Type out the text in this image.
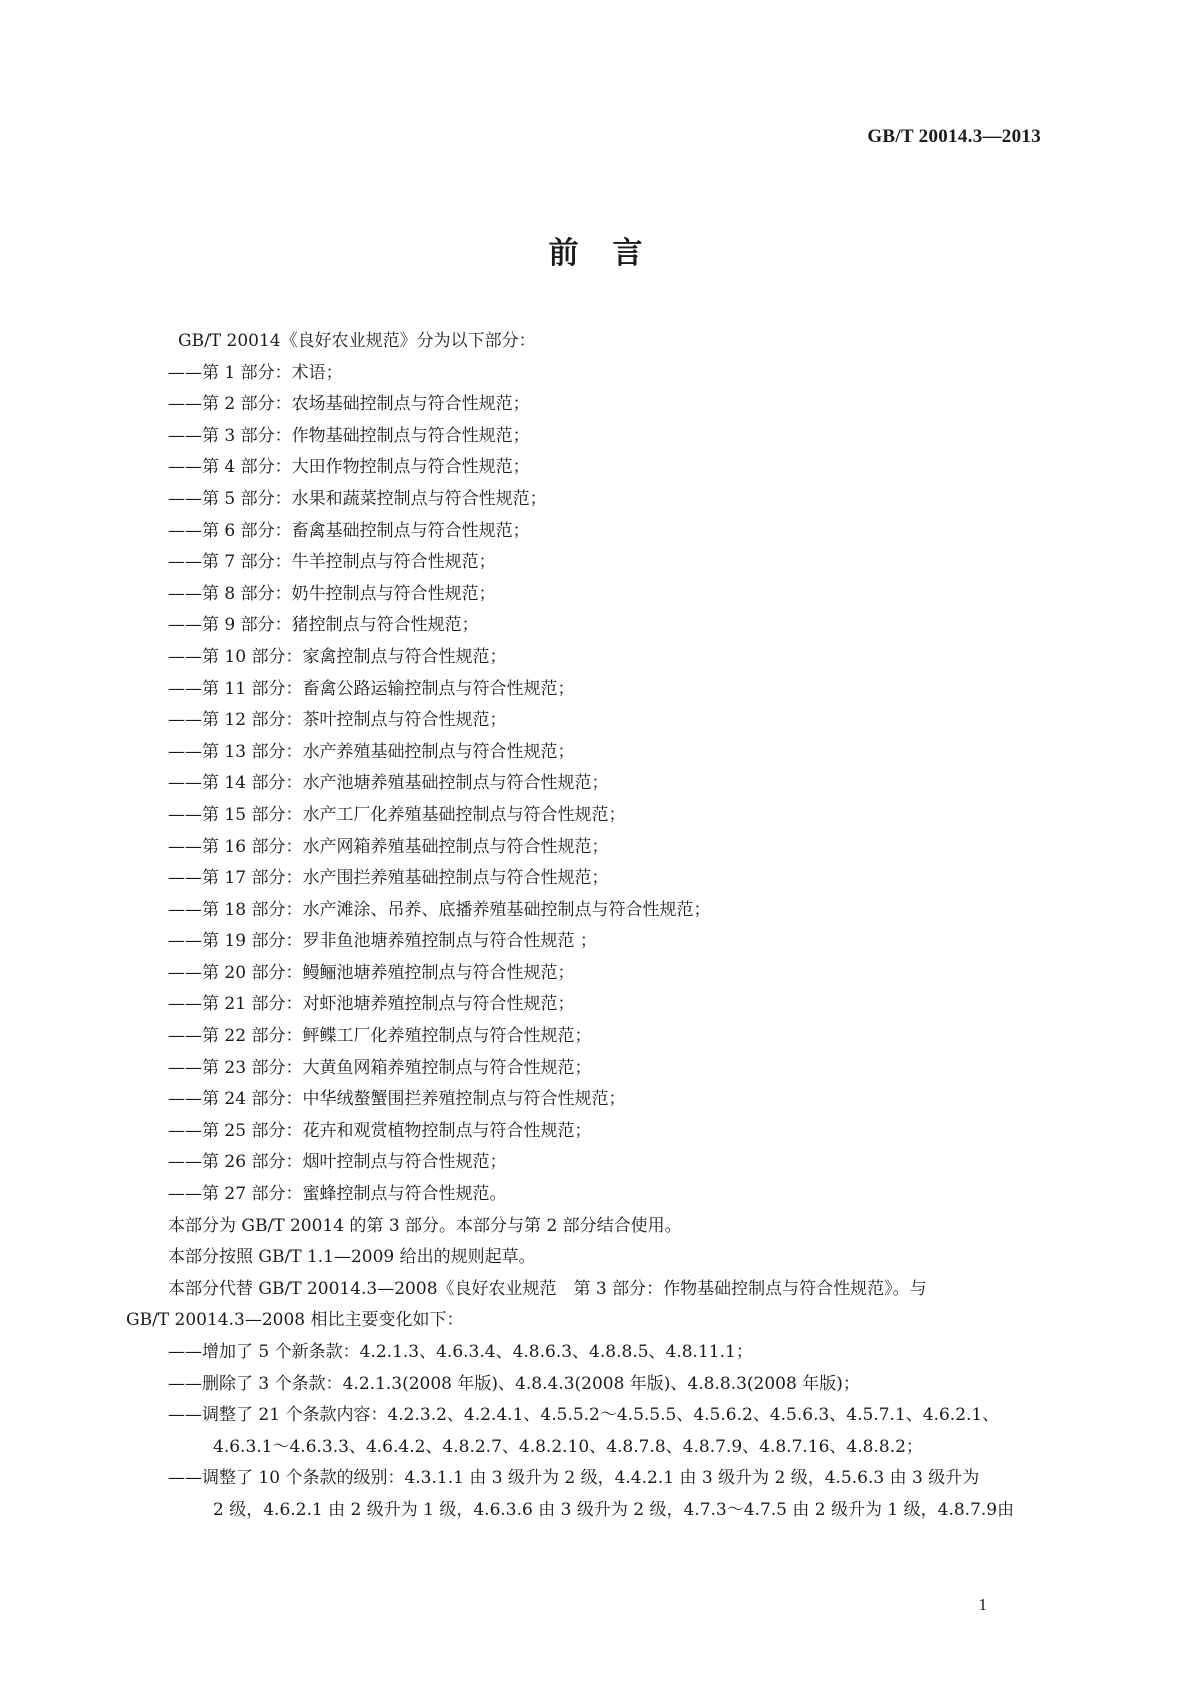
GB/T 20014.3—2013
前言
GB/T 20014《良好农业规范》分为以下部分：
——第 1 部分：术语；
——第 2 部分：农场基础控制点与符合性规范；
——第 3 部分：作物基础控制点与符合性规范；
——第 4 部分：大田作物控制点与符合性规范；
——第 5 部分：水果和蔬菜控制点与符合性规范；
——第 6 部分：畜禽基础控制点与符合性规范；
——第 7 部分：牛羊控制点与符合性规范；
——第 8 部分：奶牛控制点与符合性规范；
——第 9 部分：猪控制点与符合性规范；
——第 10 部分：家禽控制点与符合性规范；
——第 11 部分：畜禽公路运输控制点与符合性规范；
——第 12 部分：茶叶控制点与符合性规范；
——第 13 部分：水产养殖基础控制点与符合性规范；
——第 14 部分：水产池塘养殖基础控制点与符合性规范；
——第 15 部分：水产工厂化养殖基础控制点与符合性规范；
——第 16 部分：水产网箱养殖基础控制点与符合性规范；
——第 17 部分：水产围拦养殖基础控制点与符合性规范；
——第 18 部分：水产滩涂、吊养、底播养殖基础控制点与符合性规范；
——第 19 部分：罗非鱼池塘养殖控制点与符合性规范 ；
——第 20 部分：鳗鲡池塘养殖控制点与符合性规范；
——第 21 部分：对虾池塘养殖控制点与符合性规范；
——第 22 部分：鲆鲽工厂化养殖控制点与符合性规范；
——第 23 部分：大黄鱼网箱养殖控制点与符合性规范；
——第 24 部分：中华绒螯蟹围拦养殖控制点与符合性规范；
——第 25 部分：花卉和观赏植物控制点与符合性规范；
——第 26 部分：烟叶控制点与符合性规范；
——第 27 部分：蜜蜂控制点与符合性规范。
本部分为 GB/T 20014 的第 3 部分。本部分与第 2 部分结合使用。
本部分按照 GB/T 1.1—2009 给出的规则起草。
本部分代替 GB/T 20014.3—2008《良好农业规范　第 3 部分：作物基础控制点与符合性规范》。与
GB/T 20014.3—2008 相比主要变化如下：
——增加了 5 个新条款：4.2.1.3、4.6.3.4、4.8.6.3、4.8.8.5、4.8.11.1；
——删除了 3 个条款：4.2.1.3(2008 年版)、4.8.4.3(2008 年版)、4.8.8.3(2008 年版)；
——调整了 21 个条款内容：4.2.3.2、4.2.4.1、4.5.5.2～4.5.5.5、4.5.6.2、4.5.6.3、4.5.7.1、4.6.2.1、
4.6.3.1～4.6.3.3、4.6.4.2、4.8.2.7、4.8.2.10、4.8.7.8、4.8.7.9、4.8.7.16、4.8.8.2；
——调整了 10 个条款的级别：4.3.1.1 由 3 级升为 2 级，4.4.2.1 由 3 级升为 2 级，4.5.6.3 由 3 级升为
2 级，4.6.2.1 由 2 级升为 1 级，4.6.3.6 由 3 级升为 2 级，4.7.3～4.7.5 由 2 级升为 1 级，4.8.7.9由
1
